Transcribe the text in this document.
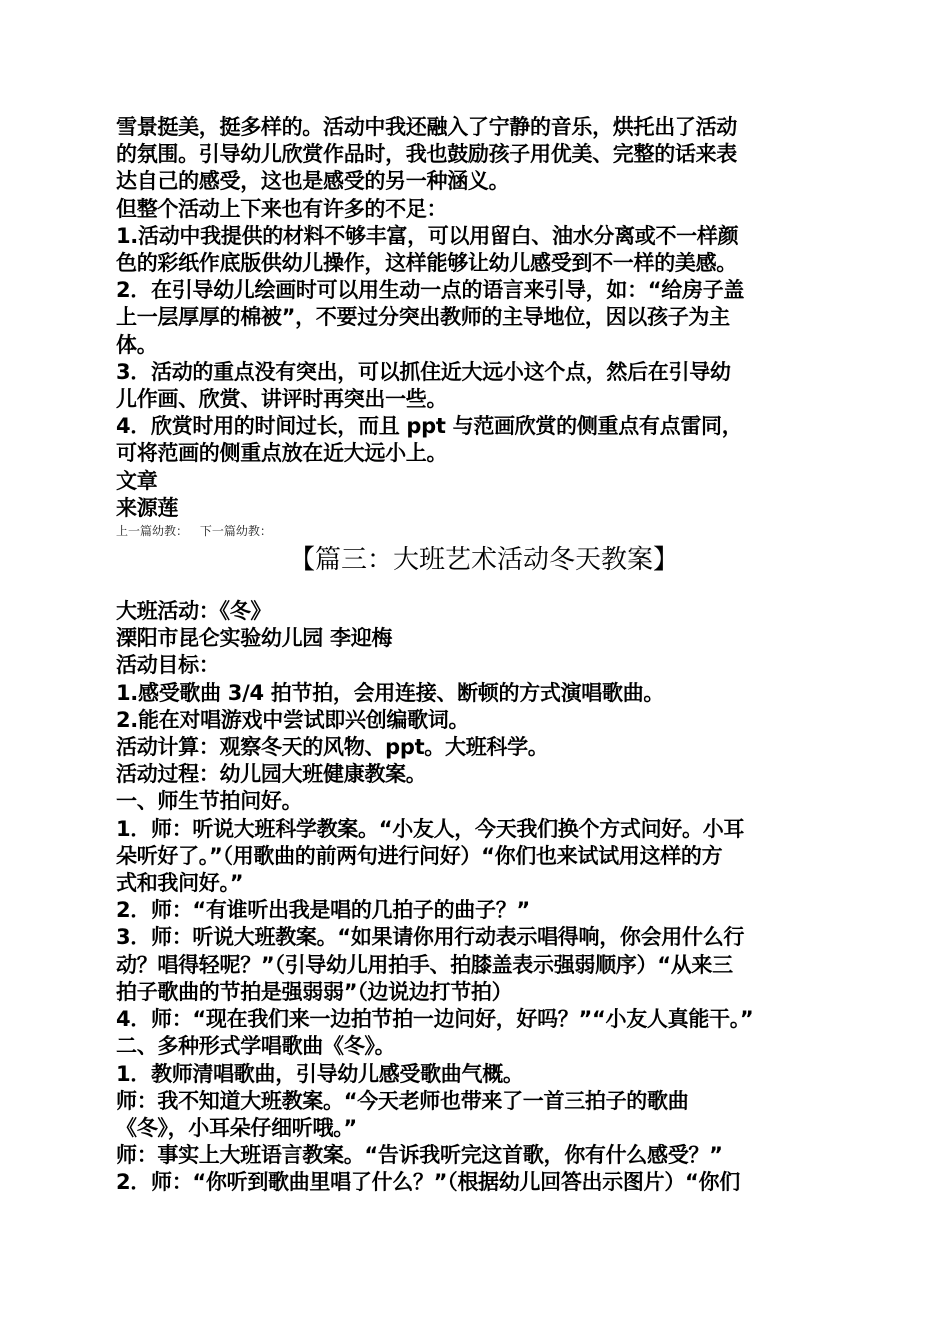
雪景挺美，挺多样的。活动中我还融入了宁静的音乐，烘托出了活动
的氛围。引导幼儿欣赏作品时，我也鼓励孩子用优美、完整的话来表
达自己的感受，这也是感受的另一种涵义。
但整个活动上下来也有许多的不足：
1.活动中我提供的材料不够丰富，可以用留白、油水分离或不一样颜
色的彩纸作底版供幼儿操作，这样能够让幼儿感受到不一样的美感。
2．在引导幼儿绘画时可以用生动一点的语言来引导，如：“给房子盖
上一层厚厚的棉被”，不要过分突出教师的主导地位，因以孩子为主
体。
3．活动的重点没有突出，可以抓住近大远小这个点，然后在引导幼
儿作画、欣赏、讲评时再突出一些。
4．欣赏时用的时间过长，而且 ppt 与范画欣赏的侧重点有点雷同，
可将范画的侧重点放在近大远小上。
文章
来源莲
上一篇幼教： 下一篇幼教：
【篇三：大班艺术活动冬天教案】
大班活动：《冬》
溧阳市昆仑实验幼儿园 李迎梅
活动目标：
1.感受歌曲 3/4 拍节拍，会用连接、断顿的方式演唱歌曲。
2.能在对唱游戏中尝试即兴创编歌词。
活动计算：观察冬天的风物、ppt。大班科学。
活动过程：幼儿园大班健康教案。
一、师生节拍问好。
1．师：听说大班科学教案。“小友人，今天我们换个方式问好。小耳
朵听好了。”（用歌曲的前两句进行问好）“你们也来试试用这样的方
式和我问好。”
2．师：“有谁听出我是唱的几拍子的曲子？”
3．师：听说大班教案。“如果请你用行动表示唱得响，你会用什么行
动？唱得轻呢？”（引导幼儿用拍手、拍膝盖表示强弱顺序）“从来三
拍子歌曲的节拍是强弱弱”（边说边打节拍）
4．师：“现在我们来一边拍节拍一边问好，好吗？”“小友人真能干。”
二、多种形式学唱歌曲《冬》。
1．教师清唱歌曲，引导幼儿感受歌曲气概。
师：我不知道大班教案。“今天老师也带来了一首三拍子的歌曲
《冬》，小耳朵仔细听哦。”
师：事实上大班语言教案。“告诉我听完这首歌，你有什么感受？”
2．师：“你听到歌曲里唱了什么？”（根据幼儿回答出示图片）“你们
